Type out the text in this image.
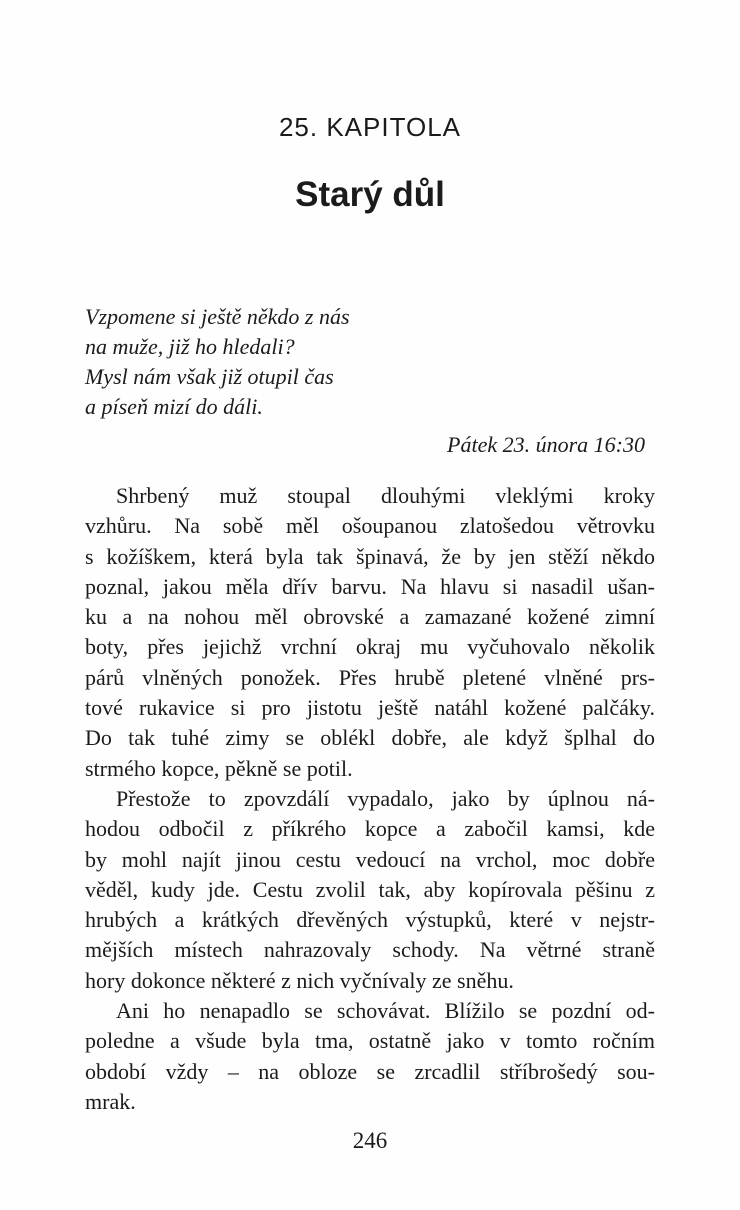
25. KAPITOLA
Starý důl
Vzpomene si ještě někdo z nás
na muže, již ho hledali?
Mysl nám však již otupil čas
a píseň mizí do dáli.
Pátek 23. února 16:30
Shrbený muž stoupal dlouhými vleklými kroky
vzhůru. Na sobě měl ošoupanou zlatošedou větrovku
s kožíškem, která byla tak špinavá, že by jen stěží někdo
poznal, jakou měla dřív barvu. Na hlavu si nasadil ušan-
ku a na nohou měl obrovské a zamazané kožené zimní
boty, přes jejichž vrchní okraj mu vyčuhovalo několik
párů vlněných ponožek. Přes hrubě pletené vlněné prs-
tové rukavice si pro jistotu ještě natáhl kožené palčáky.
Do tak tuhé zimy se oblékl dobře, ale když šplhal do
strmého kopce, pěkně se potil.
Přestože to zpovzdálí vypadalo, jako by úplnou ná-
hodou odbočil z příkrého kopce a zabočil kamsi, kde
by mohl najít jinou cestu vedoucí na vrchol, moc dobře
věděl, kudy jde. Cestu zvolil tak, aby kopírovala pěšinu z
hrubých a krátkých dřevěných výstupků, které v nejstr-
mějších místech nahrazovaly schody. Na větrné straně
hory dokonce některé z nich vyčnívaly ze sněhu.
Ani ho nenapadlo se schovávat. Blížilo se pozdní od-
poledne a všude byla tma, ostatně jako v tomto ročním
období vždy – na obloze se zrcadlil stříbrošedý sou-
mrak.
246
